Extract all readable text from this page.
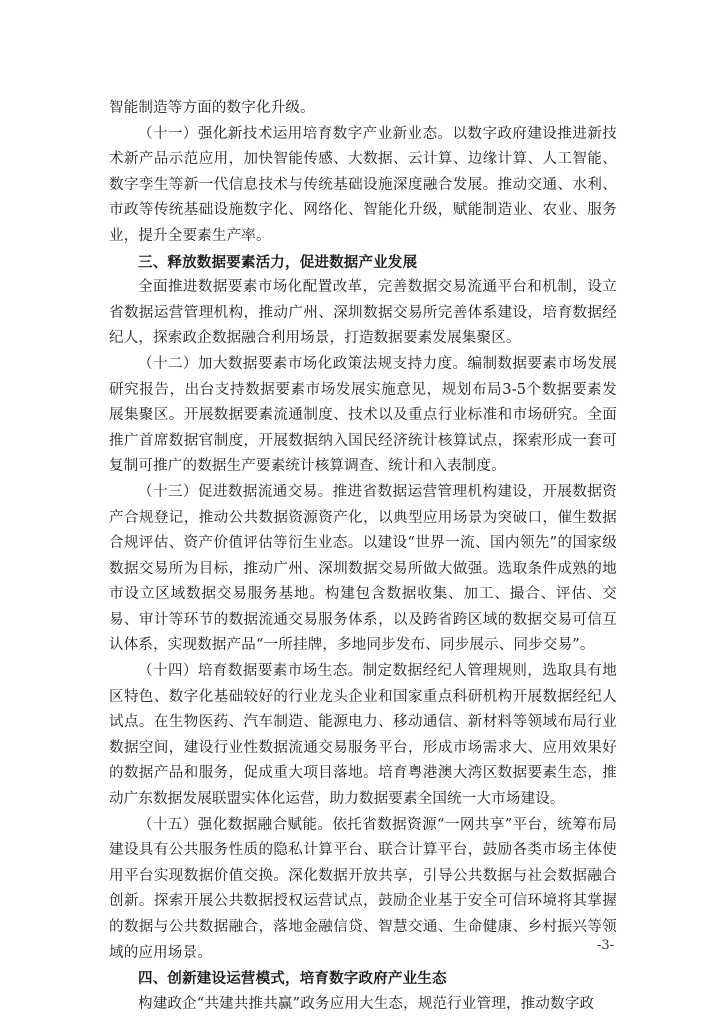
智能制造等方面的数字化升级。

（十一）强化新技术运用培育数字产业新业态。以数字政府建设推进新技术新产品示范应用，加快智能传感、大数据、云计算、边缘计算、人工智能、数字孪生等新一代信息技术与传统基础设施深度融合发展。推动交通、水利、市政等传统基础设施数字化、网络化、智能化升级，赋能制造业、农业、服务业，提升全要素生产率。

三、释放数据要素活力，促进数据产业发展

全面推进数据要素市场化配置改革，完善数据交易流通平台和机制，设立省数据运营管理机构，推动广州、深圳数据交易所完善体系建设，培育数据经纪人，探索政企数据融合利用场景，打造数据要素发展集聚区。

（十二）加大数据要素市场化政策法规支持力度。编制数据要素市场发展研究报告，出台支持数据要素市场发展实施意见，规划布局3-5个数据要素发展集聚区。开展数据要素流通制度、技术以及重点行业标准和市场研究。全面推广首席数据官制度，开展数据纳入国民经济统计核算试点，探索形成一套可复制可推广的数据生产要素统计核算调查、统计和入表制度。

（十三）促进数据流通交易。推进省数据运营管理机构建设，开展数据资产合规登记，推动公共数据资源资产化，以典型应用场景为突破口，催生数据合规评估、资产价值评估等衍生业态。以建设“世界一流、国内领先”的国家级数据交易所为目标，推动广州、深圳数据交易所做大做强。选取条件成熟的地市设立区域数据交易服务基地。构建包含数据收集、加工、撮合、评估、交易、审计等环节的数据流通交易服务体系，以及跨省跨区域的数据交易可信互认体系，实现数据产品“一所挂牌，多地同步发布、同步展示、同步交易”。

（十四）培育数据要素市场生态。制定数据经纪人管理规则，选取具有地区特色、数字化基础较好的行业龙头企业和国家重点科研机构开展数据经纪人试点。在生物医药、汽车制造、能源电力、移动通信、新材料等领域布局行业数据空间，建设行业性数据流通交易服务平台，形成市场需求大、应用效果好的数据产品和服务，促成重大项目落地。培育粤港澳大湾区数据要素生态，推动广东数据发展联盟实体化运营，助力数据要素全国统一大市场建设。

（十五）强化数据融合赋能。依托省数据资源“一网共享”平台，统筹布局建设具有公共服务性质的隐私计算平台、联合计算平台，鼓励各类市场主体使用平台实现数据价值交换。深化数据开放共享，引导公共数据与社会数据融合创新。探索开展公共数据授权运营试点，鼓励企业基于安全可信环境将其掌握的数据与公共数据融合，落地金融信贷、智慧交通、生命健康、乡村振兴等领域的应用场景。

四、创新建设运营模式，培育数字政府产业生态

构建政企“共建共推共赢”政务应用大生态，规范行业管理，推动数字政

-3-
